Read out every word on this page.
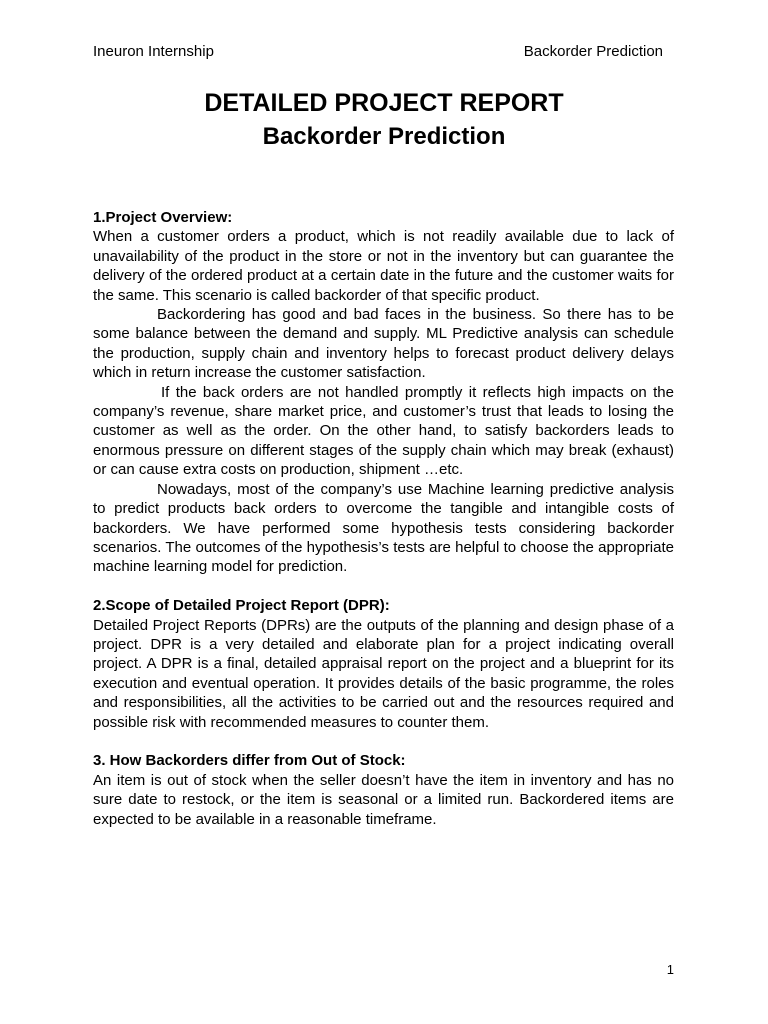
Ineuron Internship	Backorder Prediction
DETAILED PROJECT REPORT
Backorder Prediction

1.Project Overview:

When a customer orders a product, which is not readily available due to lack of unavailability of the product in the store or not in the inventory but can guarantee the delivery of the ordered product at a certain date in the future and the customer waits for the same. This scenario is called backorder of that specific product.

Backordering has good and bad faces in the business. So there has to be some balance between the demand and supply. ML Predictive analysis can schedule the production, supply chain and inventory helps to forecast product delivery delays which in return increase the customer satisfaction.

If the back orders are not handled promptly it reflects high impacts on the company’s revenue, share market price, and customer’s trust that leads to losing the customer as well as the order. On the other hand, to satisfy backorders leads to enormous pressure on different stages of the supply chain which may break (exhaust) or can cause extra costs on production, shipment …etc.

Nowadays, most of the company’s use Machine learning predictive analysis to predict products back orders to overcome the tangible and intangible costs of backorders. We have performed some hypothesis tests considering backorder scenarios. The outcomes of the hypothesis’s tests are helpful to choose the appropriate machine learning model for prediction.

2.Scope of Detailed Project Report (DPR):

Detailed Project Reports (DPRs) are the outputs of the planning and design phase of a project. DPR is a very detailed and elaborate plan for a project indicating overall project. A DPR is a final, detailed appraisal report on the project and a blueprint for its execution and eventual operation. It provides details of the basic programme, the roles and responsibilities, all the activities to be carried out and the resources required and possible risk with recommended measures to counter them.

3. How Backorders differ from Out of Stock:

An item is out of stock when the seller doesn’t have the item in inventory and has no sure date to restock, or the item is seasonal or a limited run. Backordered items are expected to be available in a reasonable timeframe.

1
